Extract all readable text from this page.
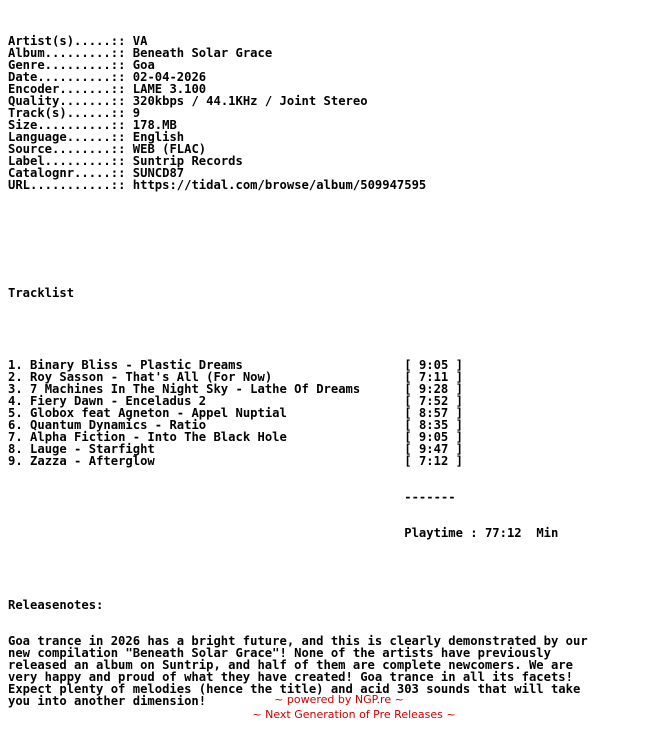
Artist(s).....:: VA
Album.........:: Beneath Solar Grace
Genre.........:: Goa
Date..........:: 02-04-2026
Encoder.......:: LAME 3.100
Quality.......:: 320kbps / 44.1KHz / Joint Stereo
Track(s)......:: 9
Size..........:: 178.MB
Language......:: English
Source........:: WEB (FLAC)
Label.........:: Suntrip Records
Catalognr.....:: SUNCD87
URL...........:: https://tidal.com/browse/album/509947595

Tracklist

1. Binary Bliss - Plastic Dreams	[ 9:05 ]
2. Roy Sasson - That's All (For Now)	[ 7:11 ]
3. 7 Machines In The Night Sky - Lathe Of Dreams	[ 9:28 ]
4. Fiery Dawn - Enceladus 2	[ 7:52 ]
5. Globox feat Agneton - Appel Nuptial	[ 8:57 ]
6. Quantum Dynamics - Ratio	[ 8:35 ]
7. Alpha Fiction - Into The Black Hole	[ 9:05 ]
8. Lauge - Starfight	[ 9:47 ]
9. Zazza - Afterglow	[ 7:12 ]

-------

Playtime : 77:12 Min

Releasenotes:

Goa trance in 2026 has a bright future, and this is clearly demonstrated by our
new compilation "Beneath Solar Grace"! None of the artists have previously
released an album on Suntrip, and half of them are complete newcomers. We are
very happy and proud of what they have created! Goa trance in all its facets!
Expect plenty of melodies (hence the title) and acid 303 sounds that will take
you into another dimension!	~ powered by NGP.re ~
~ Next Generation of Pre Releases ~
